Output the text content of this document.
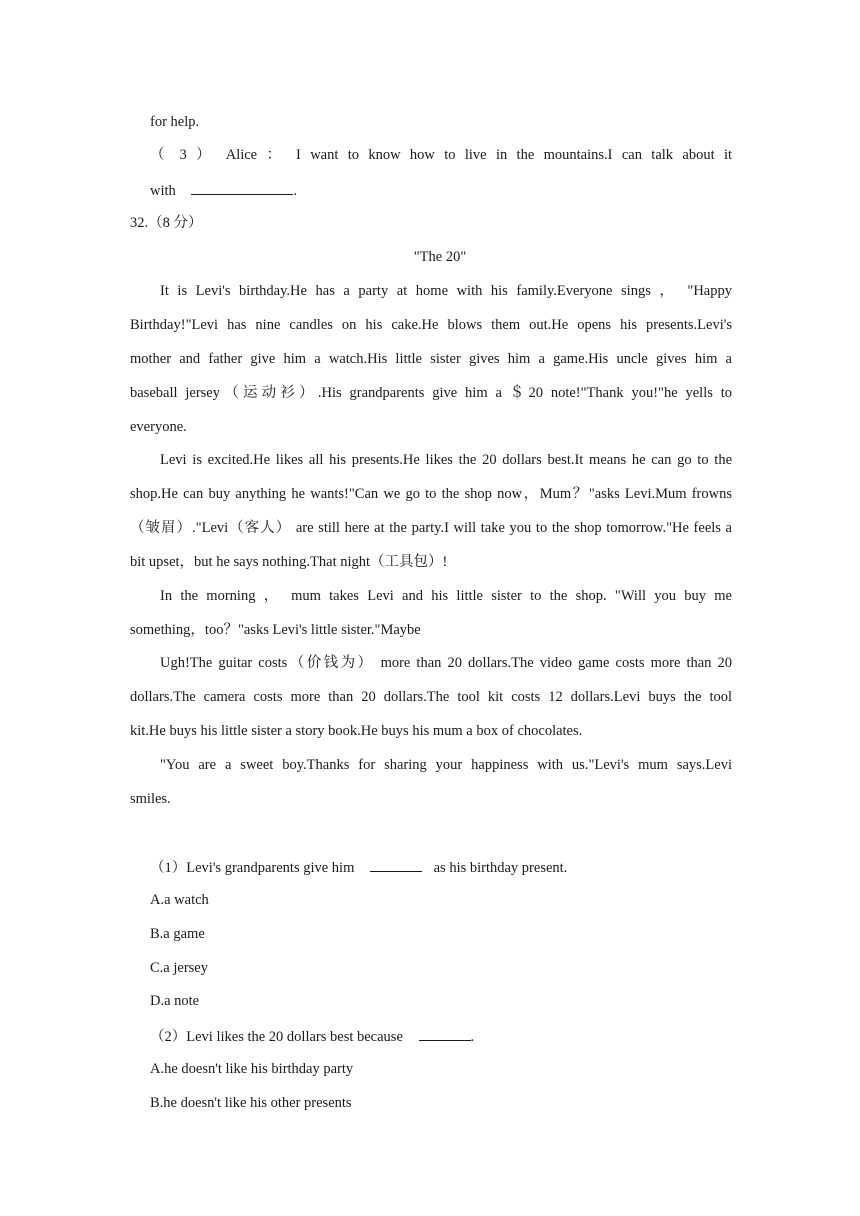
for help.
（ 3 ） Alice ： I want to know how to live in the mountains.I can talk about it
with	.
32.（8 分）
"The 20"
It is Levi's birthday.He has a party at home with his family.Everyone sings ， "Happy
Birthday!"Levi has nine candles on his cake.He blows them out.He opens his presents.Levi's
mother and father give him a watch.His little sister gives him a game.His uncle gives him a
baseball jersey（运动衫）.His grandparents give him a ＄20 note!"Thank you!"he yells to
everyone.
Levi is excited.He likes all his presents.He likes the 20 dollars best.It means he can go to the
shop.He can buy anything he wants!"Can we go to the shop now，Mum？"asks Levi.Mum frowns
（皱眉）."Levi（客人） are still here at the party.I will take you to the shop tomorrow."He feels a
bit upset，but he says nothing.That night（工具包）!
In the morning ， mum takes Levi and his little sister to the shop. "Will you buy me
something，too？"asks Levi's little sister."Maybe
Ugh!The guitar costs（价钱为） more than 20 dollars.The video game costs more than 20
dollars.The camera costs more than 20 dollars.The tool kit costs 12 dollars.Levi buys the tool
kit.He buys his little sister a story book.He buys his mum a box of chocolates.
"You are a sweet boy.Thanks for sharing your happiness with us."Levi's mum says.Levi
smiles.
（1）Levi's grandparents give him	as his birthday present.
A.a watch
B.a game
C.a jersey
D.a note
（2）Levi likes the 20 dollars best because	.
A.he doesn't like his birthday party
B.he doesn't like his other presents
